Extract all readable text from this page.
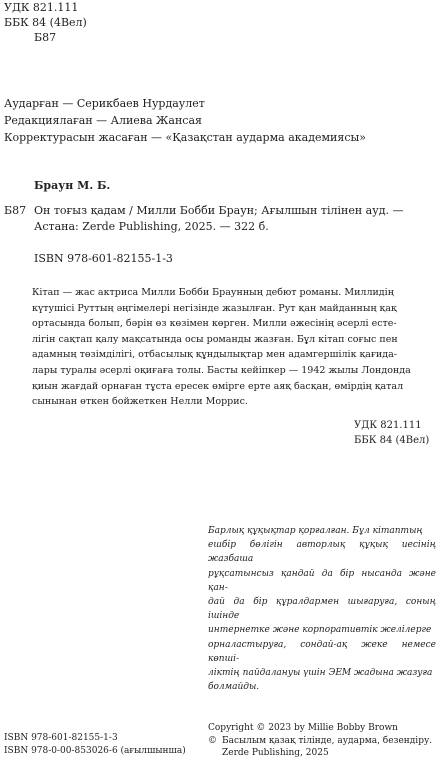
УДК 821.111
ББК 84 (4Вел)
Б87
Аударған — Серикбаев Нурдаулет
Редакциялаған — Алиева Жансая
Корректурасын жасаған — «Қазақстан аударма академиясы»
Браун М. Б.
Б87 Он тоғыз қадам / Милли Бобби Браун; Ағылшын тілінен ауд. —
Астана: Zerde Publishing, 2025. — 322 б.
ISBN 978-601-82155-1-3
Кітап — жас актриса Милли Бобби Браунның дебют романы. Миллидің
күтушісі Руттың әңгімелері негізінде жазылған. Рут қан майданның қақ
ортасында болып, бәрін өз көзімен көрген. Милли әжесінің әсерлі есте-
лігін сақтап қалу мақсатында осы романды жазған. Бұл кітап соғыс пен
адамның төзімділігі, отбасылық құндылықтар мен адамгершілік қағида-
лары туралы әсерлі оқиғаға толы. Басты кейіпкер — 1942 жылы Лондонда
қиын жағдай орнаған тұста ересек өмірге ерте аяқ басқан, өмірдің қатал
сынынан өткен бойжеткен Нелли Моррис.
УДК 821.111
ББК 84 (4Вел)
Барлық құқықтар қорғалған. Бұл кітаптың
ешбір бөлігін авторлық құқық иесінің жазбаша
рұқсатынсыз қандай да бір нысанда және қан-
дай да бір құралдармен шығаруға, соның ішінде
интернетке және корпоративтік желілерге
орналастыруға, сондай-ақ жеке немесе көпші-
ліктің пайдалануы үшін ЭЕМ жадына жазуға
болмайды.
ISBN 978-601-82155-1-3
ISBN 978-0-00-853026-6 (ағылшынша)
Copyright © 2023 by Millie Bobby Brown
© Басылым қазақ тілінде, аудармa, безендіру.
Zerde Publishing, 2025
